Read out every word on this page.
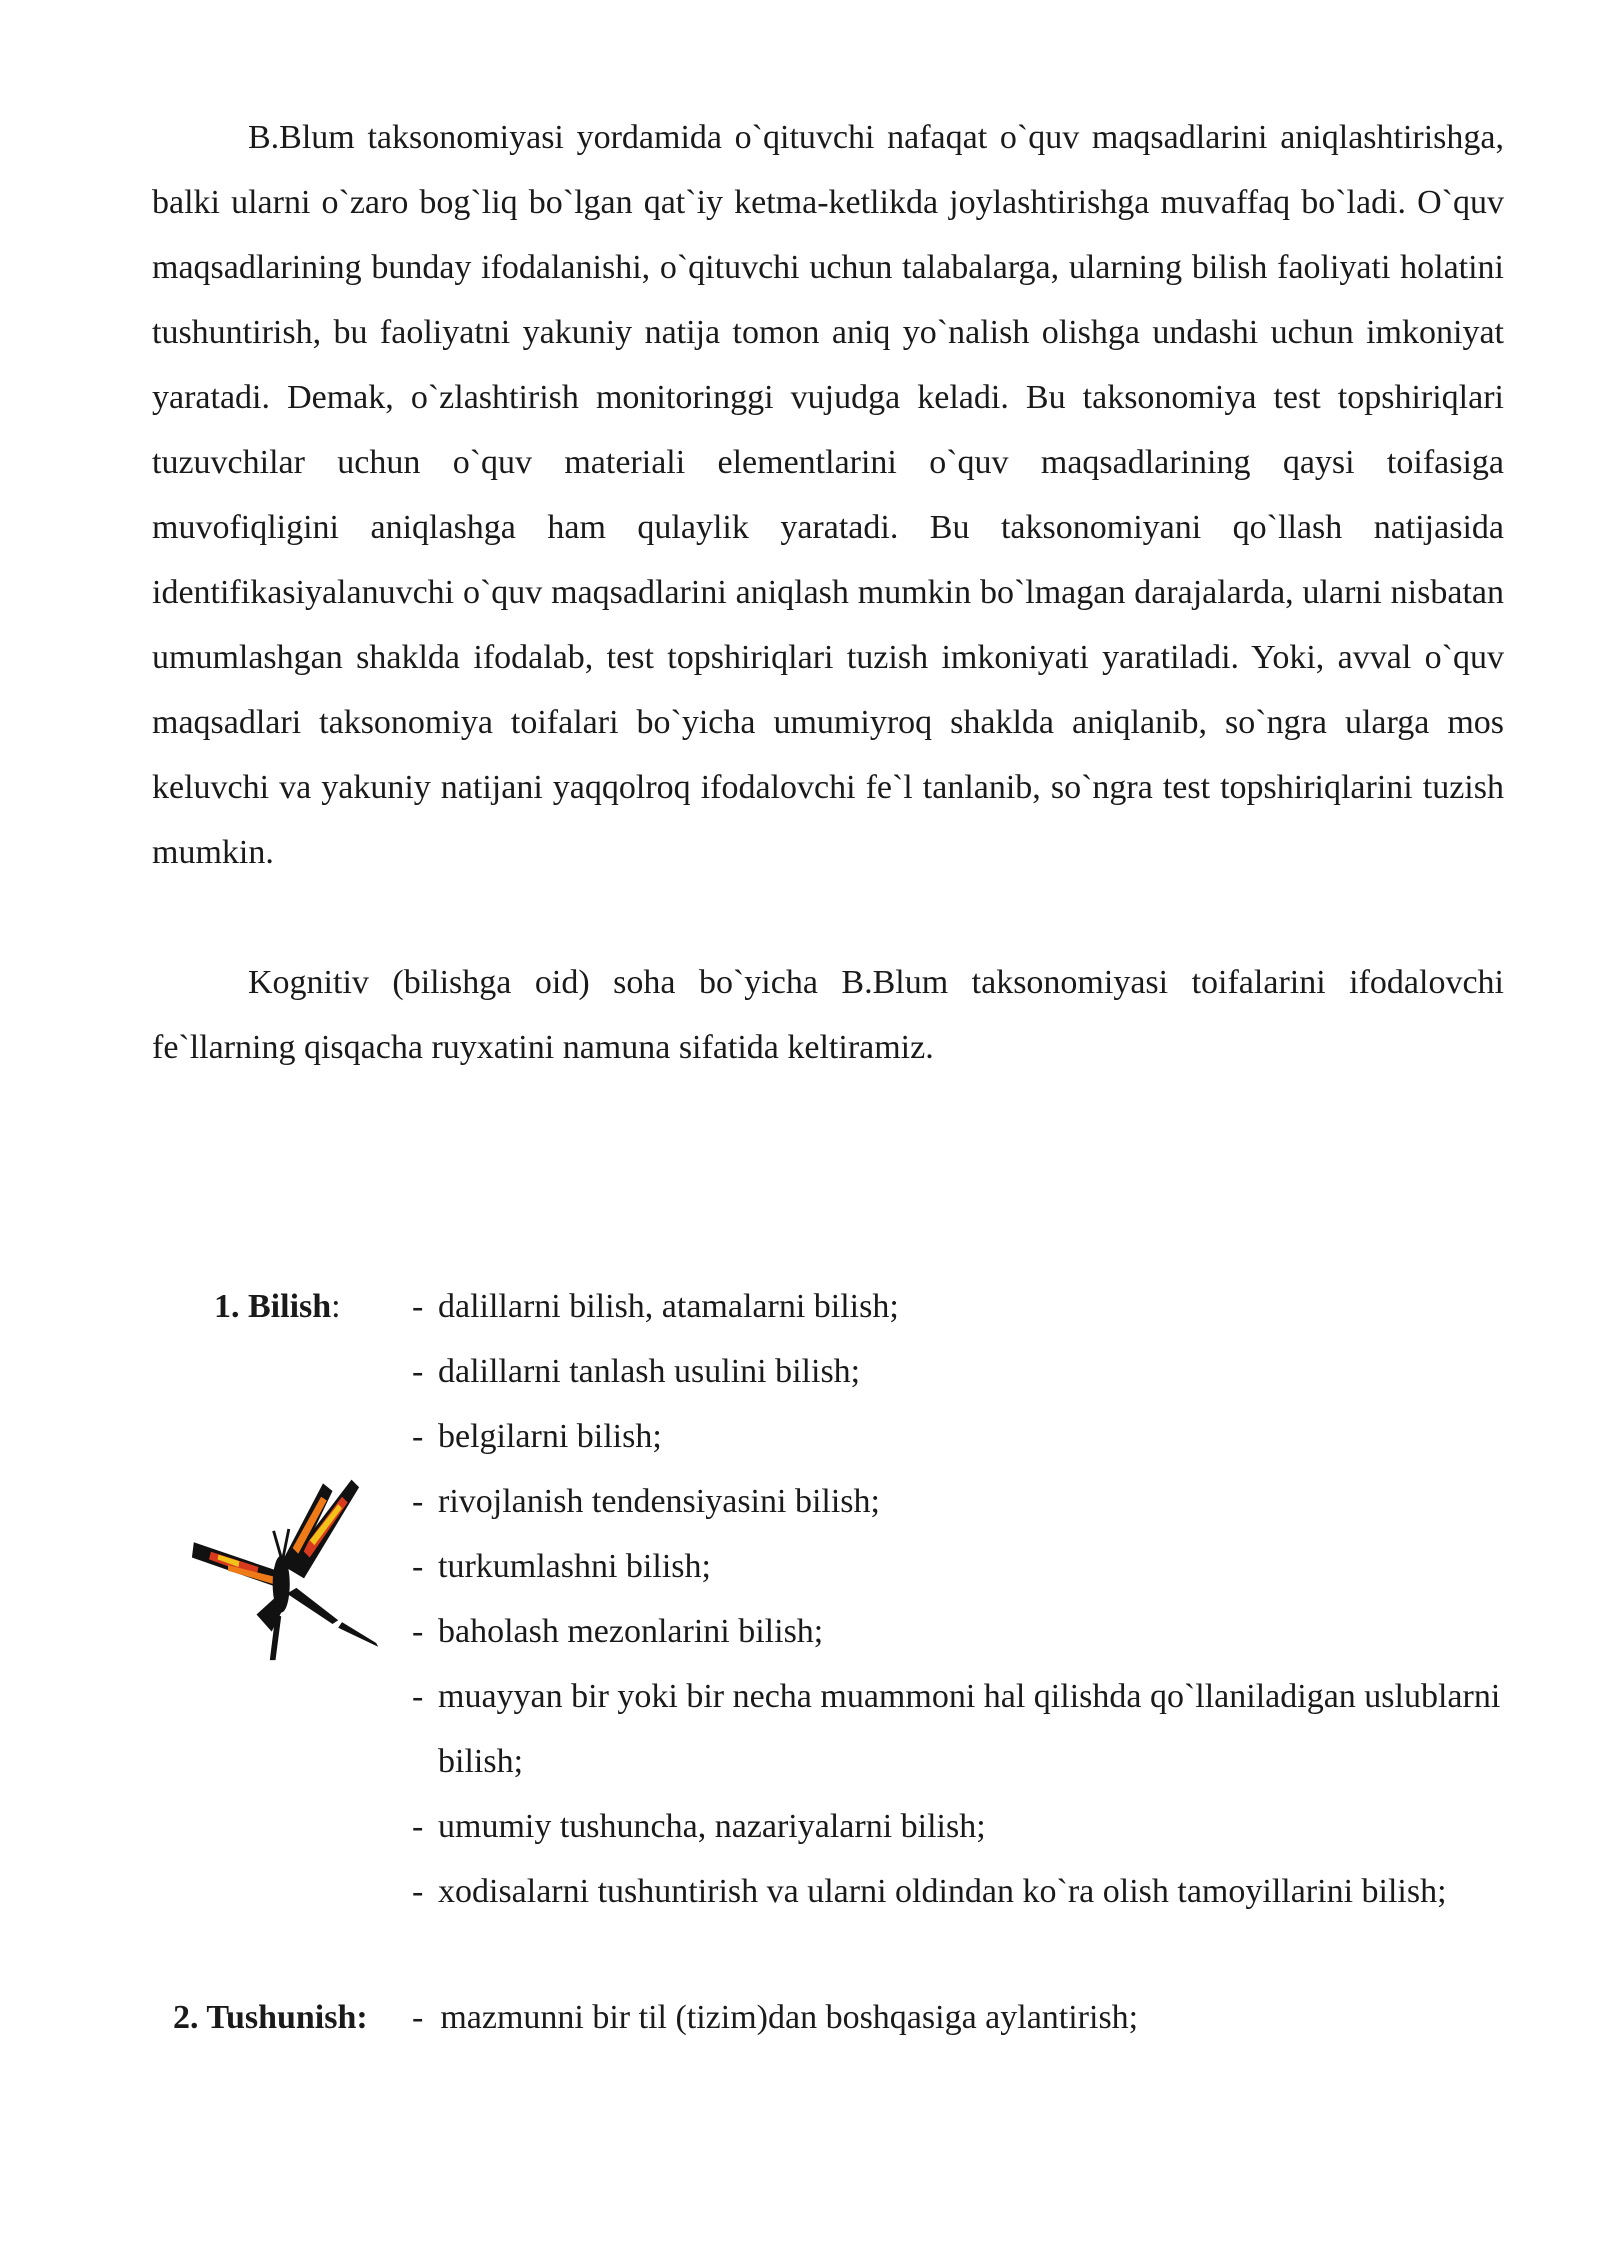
B.Blum taksonomiyasi yordamida o`qituvchi nafaqat o`quv maqsadlarini aniqlashtirishga, balki ularni o`zaro bog`liq bo`lgan qat`iy ketma-ketlikda joylashtirishga muvaffaq bo`ladi. O`quv maqsadlarining bunday ifodalanishi, o`qituvchi uchun talabalarga, ularning bilish faoliyati holatini tushuntirish, bu faoliyatni yakuniy natija tomon aniq yo`nalish olishga undashi uchun imkoniyat yaratadi. Demak, o`zlashtirish monitoringgi vujudga keladi. Bu taksonomiya test topshiriqlari tuzuvchilar uchun o`quv materiali elementlarini o`quv maqsadlarining qaysi toifasiga muvofiqligini aniqlashga ham qulaylik yaratadi. Bu taksonomiyani qo`llash natijasida identifikasiyalanuvchi o`quv maqsadlarini aniqlash mumkin bo`lmagan darajalarda, ularni nisbatan umumlashgan shaklda ifodalab, test topshiriqlari tuzish imkoniyati yaratiladi. Yoki, avval o`quv maqsadlari taksonomiya toifalari bo`yicha umumiyroq shaklda aniqlanib, so`ngra ularga mos keluvchi va yakuniy natijani yaqqolroq ifodalovchi fe`l tanlanib, so`ngra test topshiriqlarini tuzish mumkin.

Kognitiv (bilishga oid) soha bo`yicha B.Blum taksonomiyasi toifalarini ifodalovchi fe`llarning qisqacha ruyxatini namuna sifatida keltiramiz.

1. Bilish: - dalillarni bilish, atamalarni bilish;
- dalillarni tanlash usulini bilish;
- belgilarni bilish;
- rivojlanish tendensiyasini bilish;
- turkumlashni bilish;
- baholash mezonlarini bilish;
- muayyan bir yoki bir necha muammoni hal qilishda qo`llaniladigan uslublarni bilish;
- umumiy tushuncha, nazariyalarni bilish;
- xodisalarni tushuntirish va ularni oldindan ko`ra olish tamoyillarini bilish;
2. Tushunish: - mazmunni bir til (tizim)dan boshqasiga aylantirish;
